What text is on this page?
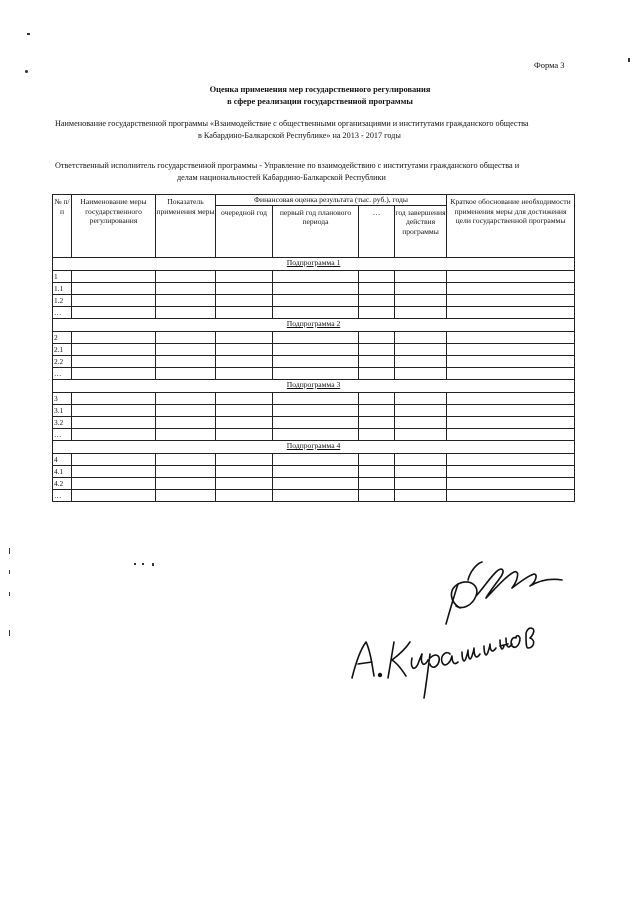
Форма 3
Оценка применения мер государственного регулирования
в сфере реализации государственной программы
Наименование государственной программы «Взаимодействие с общественными организациями и институтами гражданского общества
в Кабардино-Балкарской Республике» на 2013 - 2017 годы
Ответственный исполнитель государственной программы - Управление по взаимодействию с институтами гражданского общества и
делам национальностей Кабардино-Балкарской Республики
№ п/п	Наименование меры государственного регулирования	Показатель применения меры	Финансовая оценка результата (тыс. руб.), годы				Краткое обоснование необходимости применения меры для достижения цели государственной программы
			очередной год	первый год планового периода	…	год завершения действия программы	
Подпрограмма 1							
1							
1.1							
1.2							
…							
Подпрограмма 2							
2							
2.1							
2.2							
…							
Подпрограмма 3							
3							
3.1							
3.2							
…							
Подпрограмма 4							
4							
4.1							
4.2							
…							
